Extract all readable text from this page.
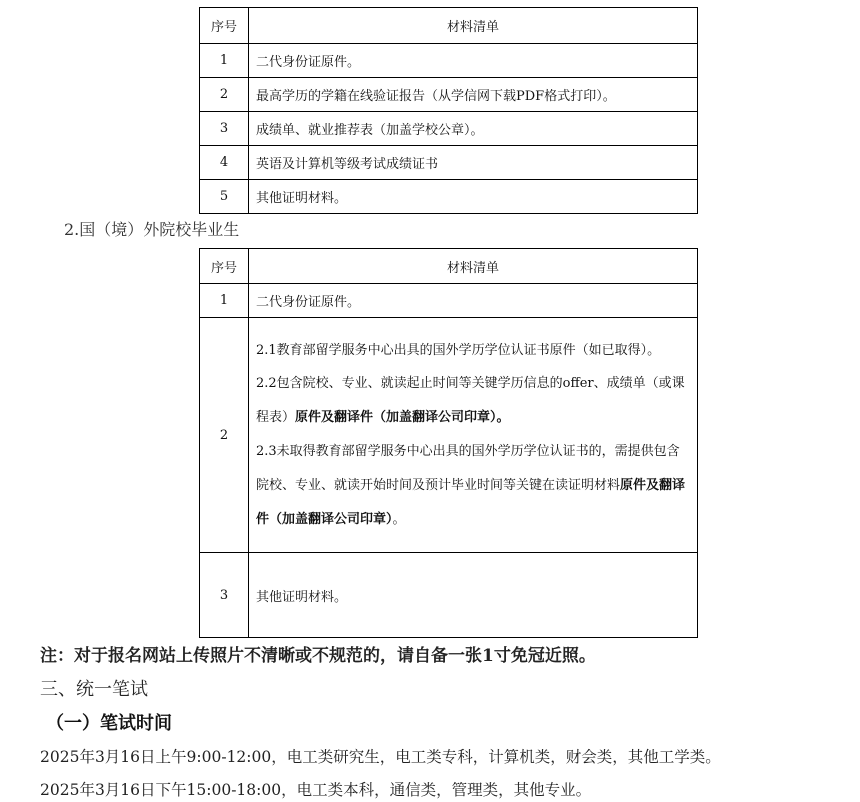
序号	材料清单
1	二代身份证原件。
2	最高学历的学籍在线验证报告（从学信网下载PDF格式打印）。
3	成绩单、就业推荐表（加盖学校公章）。
4	英语及计算机等级考试成绩证书
5	其他证明材料。
2.国（境）外院校毕业生
序号	材料清单
1	二代身份证原件。
2	2.1教育部留学服务中心出具的国外学历学位认证书原件（如已取得）。

2.2包含院校、专业、就读起止时间等关键学历信息的offer、成绩单（或课程表）原件及翻译件（加盖翻译公司印章）。

2.3未取得教育部留学服务中心出具的国外学历学位认证书的，需提供包含院校、专业、就读开始时间及预计毕业时间等关键在读证明材料原件及翻译件（加盖翻译公司印章）。

3	其他证明材料。
注：对于报名网站上传照片不清晰或不规范的，请自备一张1寸免冠近照。
三、统一笔试
（一）笔试时间
2025年3月16日上午9:00-12:00，电工类研究生，电工类专科，计算机类，财会类，其他工学类。
2025年3月16日下午15:00-18:00，电工类本科，通信类，管理类，其他专业。
